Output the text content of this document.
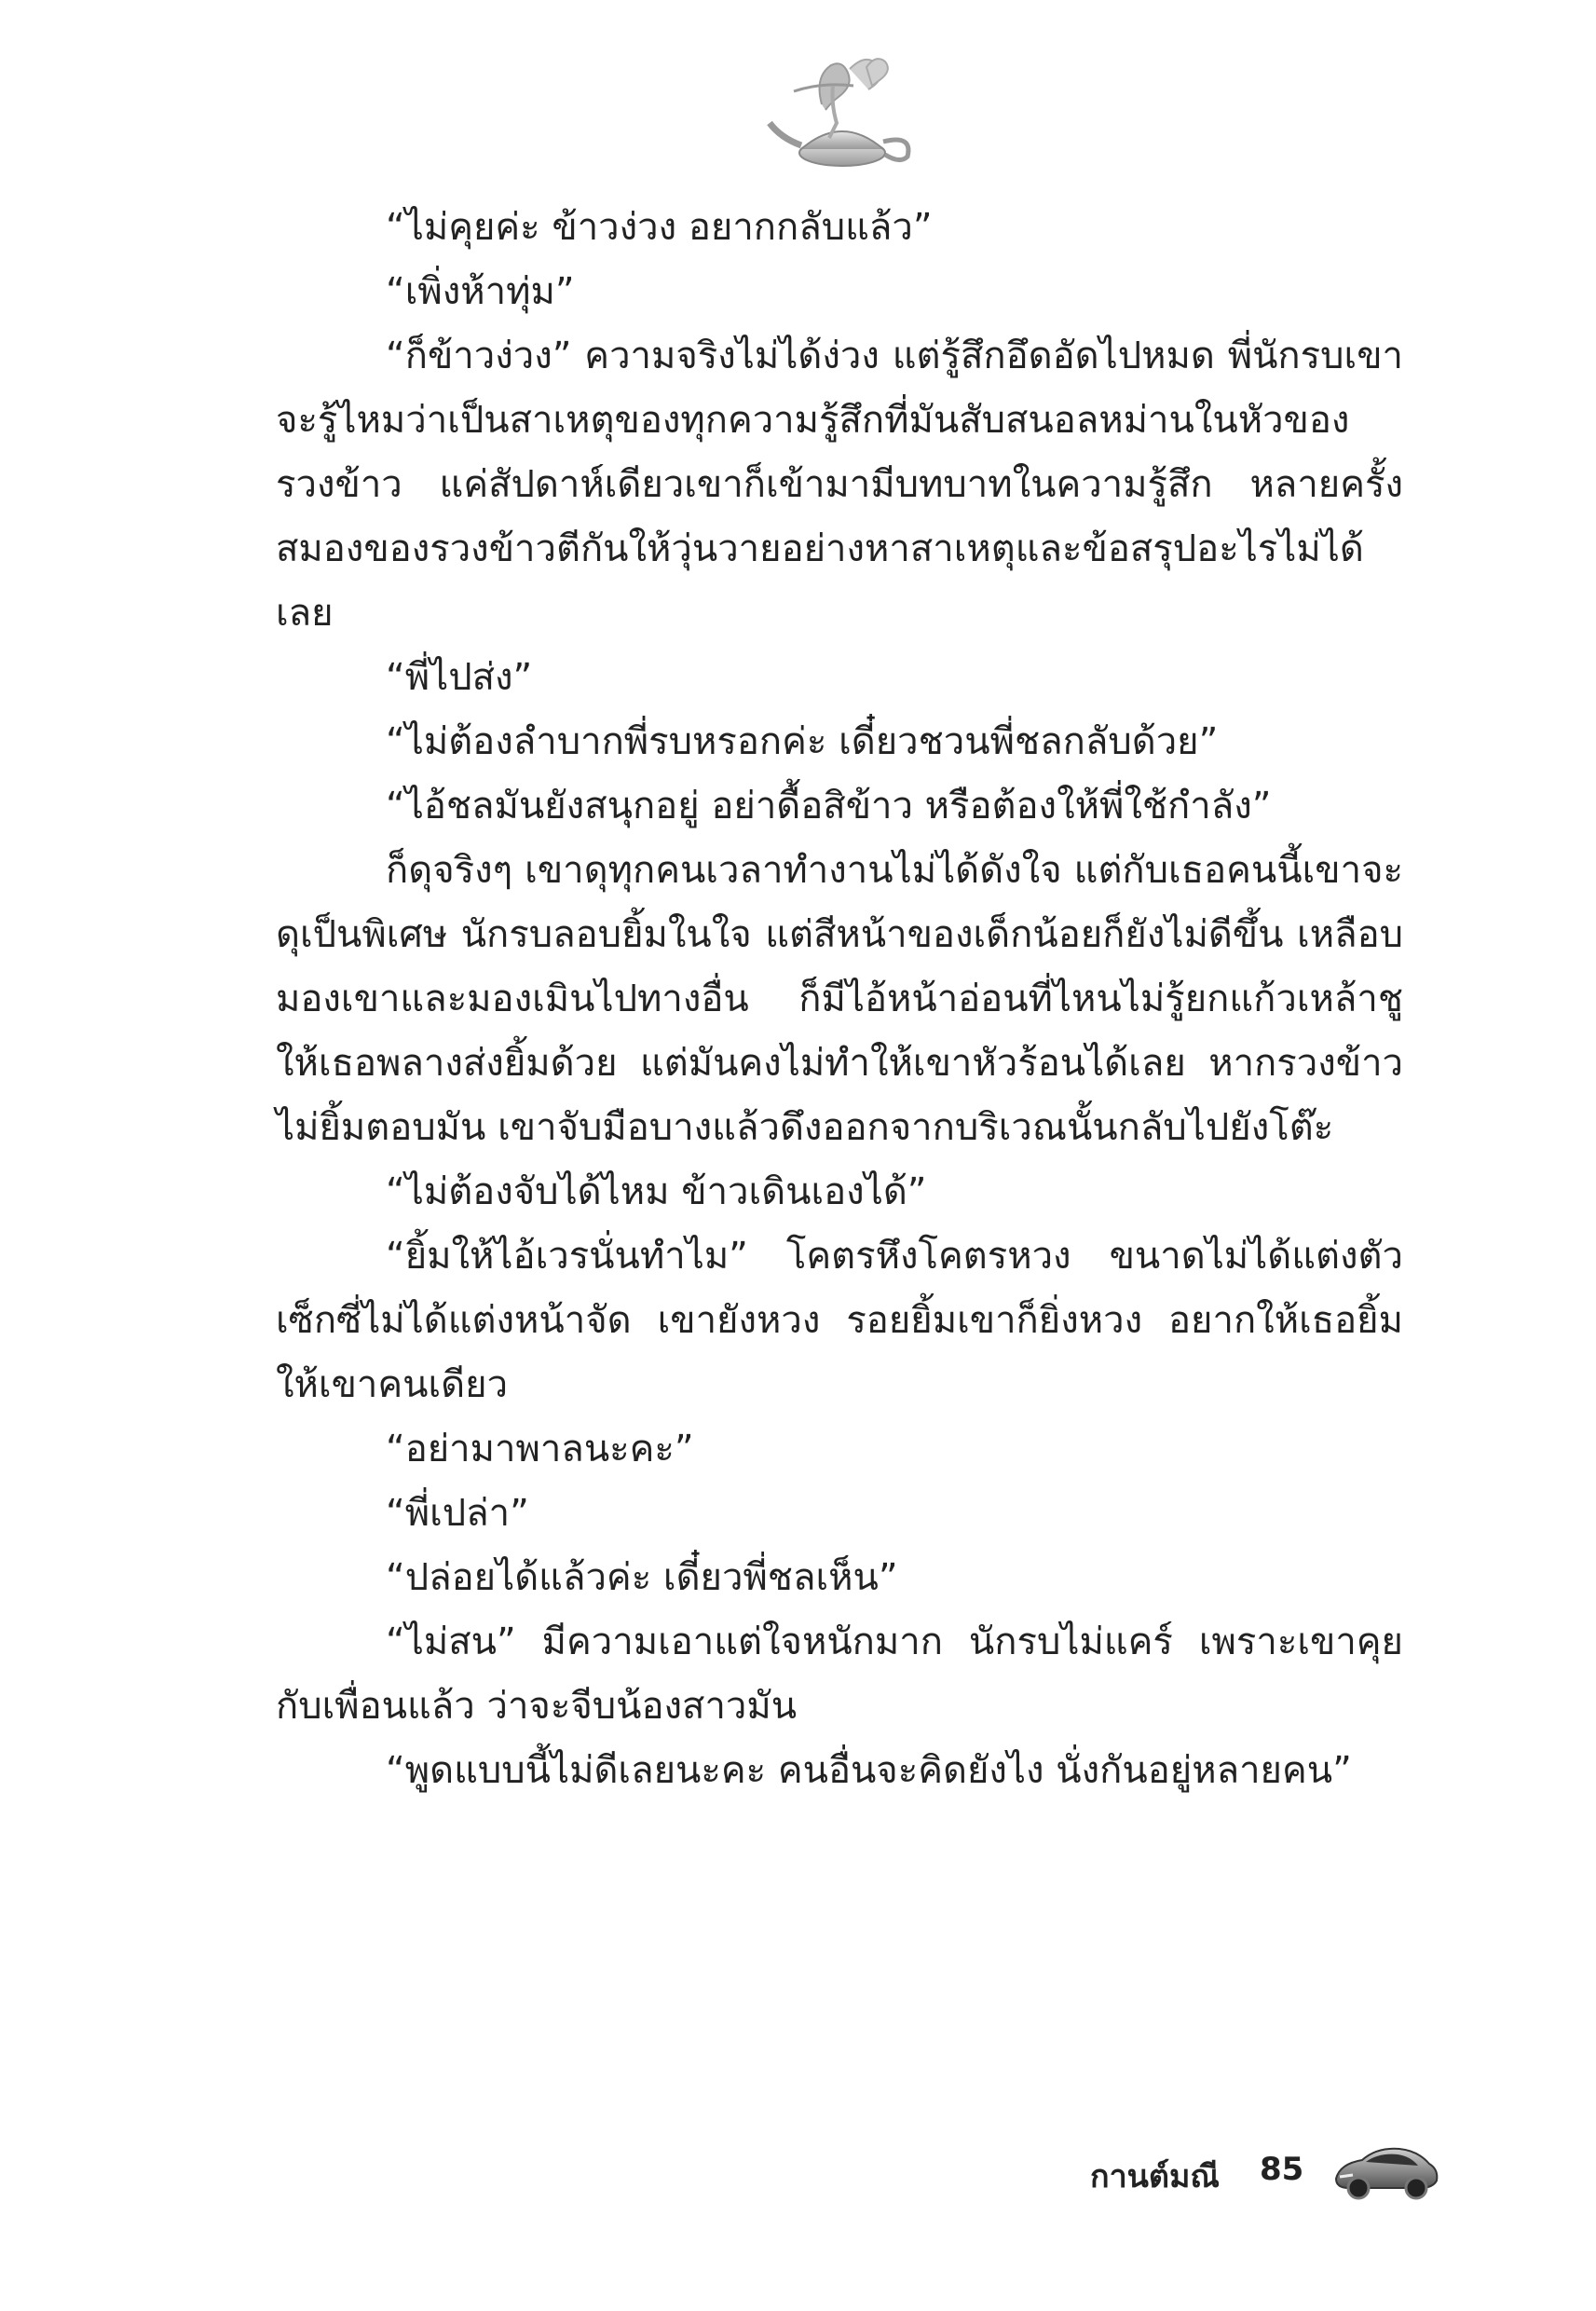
“ไม่คุยค่ะ ข้าวง่วง อยากกลับแล้ว”

“เพิ่งห้าทุ่ม”

“ก็ข้าวง่วง” ความจริงไม่ได้ง่วง แต่รู้สึกอึดอัดไปหมด พี่นักรบเขาจะรู้ไหมว่าเป็นสาเหตุของทุกความรู้สึกที่มันสับสนอลหม่านในหัวของรวงข้าว แค่สัปดาห์เดียวเขาก็เข้ามามีบทบาทในความรู้สึก หลายครั้งสมองของรวงข้าวตีกันให้วุ่นวายอย่างหาสาเหตุและข้อสรุปอะไรไม่ได้เลย

“พี่ไปส่ง”

“ไม่ต้องลำบากพี่รบหรอกค่ะ เดี๋ยวชวนพี่ชลกลับด้วย”

“ไอ้ชลมันยังสนุกอยู่ อย่าดื้อสิข้าว หรือต้องให้พี่ใช้กำลัง”

ก็ดุจริงๆ เขาดุทุกคนเวลาทำงานไม่ได้ดังใจ แต่กับเธอคนนี้เขาจะดุเป็นพิเศษ นักรบลอบยิ้มในใจ แต่สีหน้าของเด็กน้อยก็ยังไม่ดีขึ้น เหลือบมองเขาและมองเมินไปทางอื่น ก็มีไอ้หน้าอ่อนที่ไหนไม่รู้ยกแก้วเหล้าชูให้เธอพลางส่งยิ้มด้วย แต่มันคงไม่ทำให้เขาหัวร้อนได้เลย หากรวงข้าวไม่ยิ้มตอบมัน เขาจับมือบางแล้วดึงออกจากบริเวณนั้นกลับไปยังโต๊ะ

“ไม่ต้องจับได้ไหม ข้าวเดินเองได้”

“ยิ้มให้ไอ้เวรนั่นทำไม” โคตรหึงโคตรหวง ขนาดไม่ได้แต่งตัวเซ็กซี่ไม่ได้แต่งหน้าจัด เขายังหวง รอยยิ้มเขาก็ยิ่งหวง อยากให้เธอยิ้มให้เขาคนเดียว

“อย่ามาพาลนะคะ”

“พี่เปล่า”

“ปล่อยได้แล้วค่ะ เดี๋ยวพี่ชลเห็น”

“ไม่สน” มีความเอาแต่ใจหนักมาก นักรบไม่แคร์ เพราะเขาคุยกับเพื่อนแล้ว ว่าจะจีบน้องสาวมัน

“พูดแบบนี้ไม่ดีเลยนะคะ คนอื่นจะคิดยังไง นั่งกันอยู่หลายคน”

กานต์มณี 85
